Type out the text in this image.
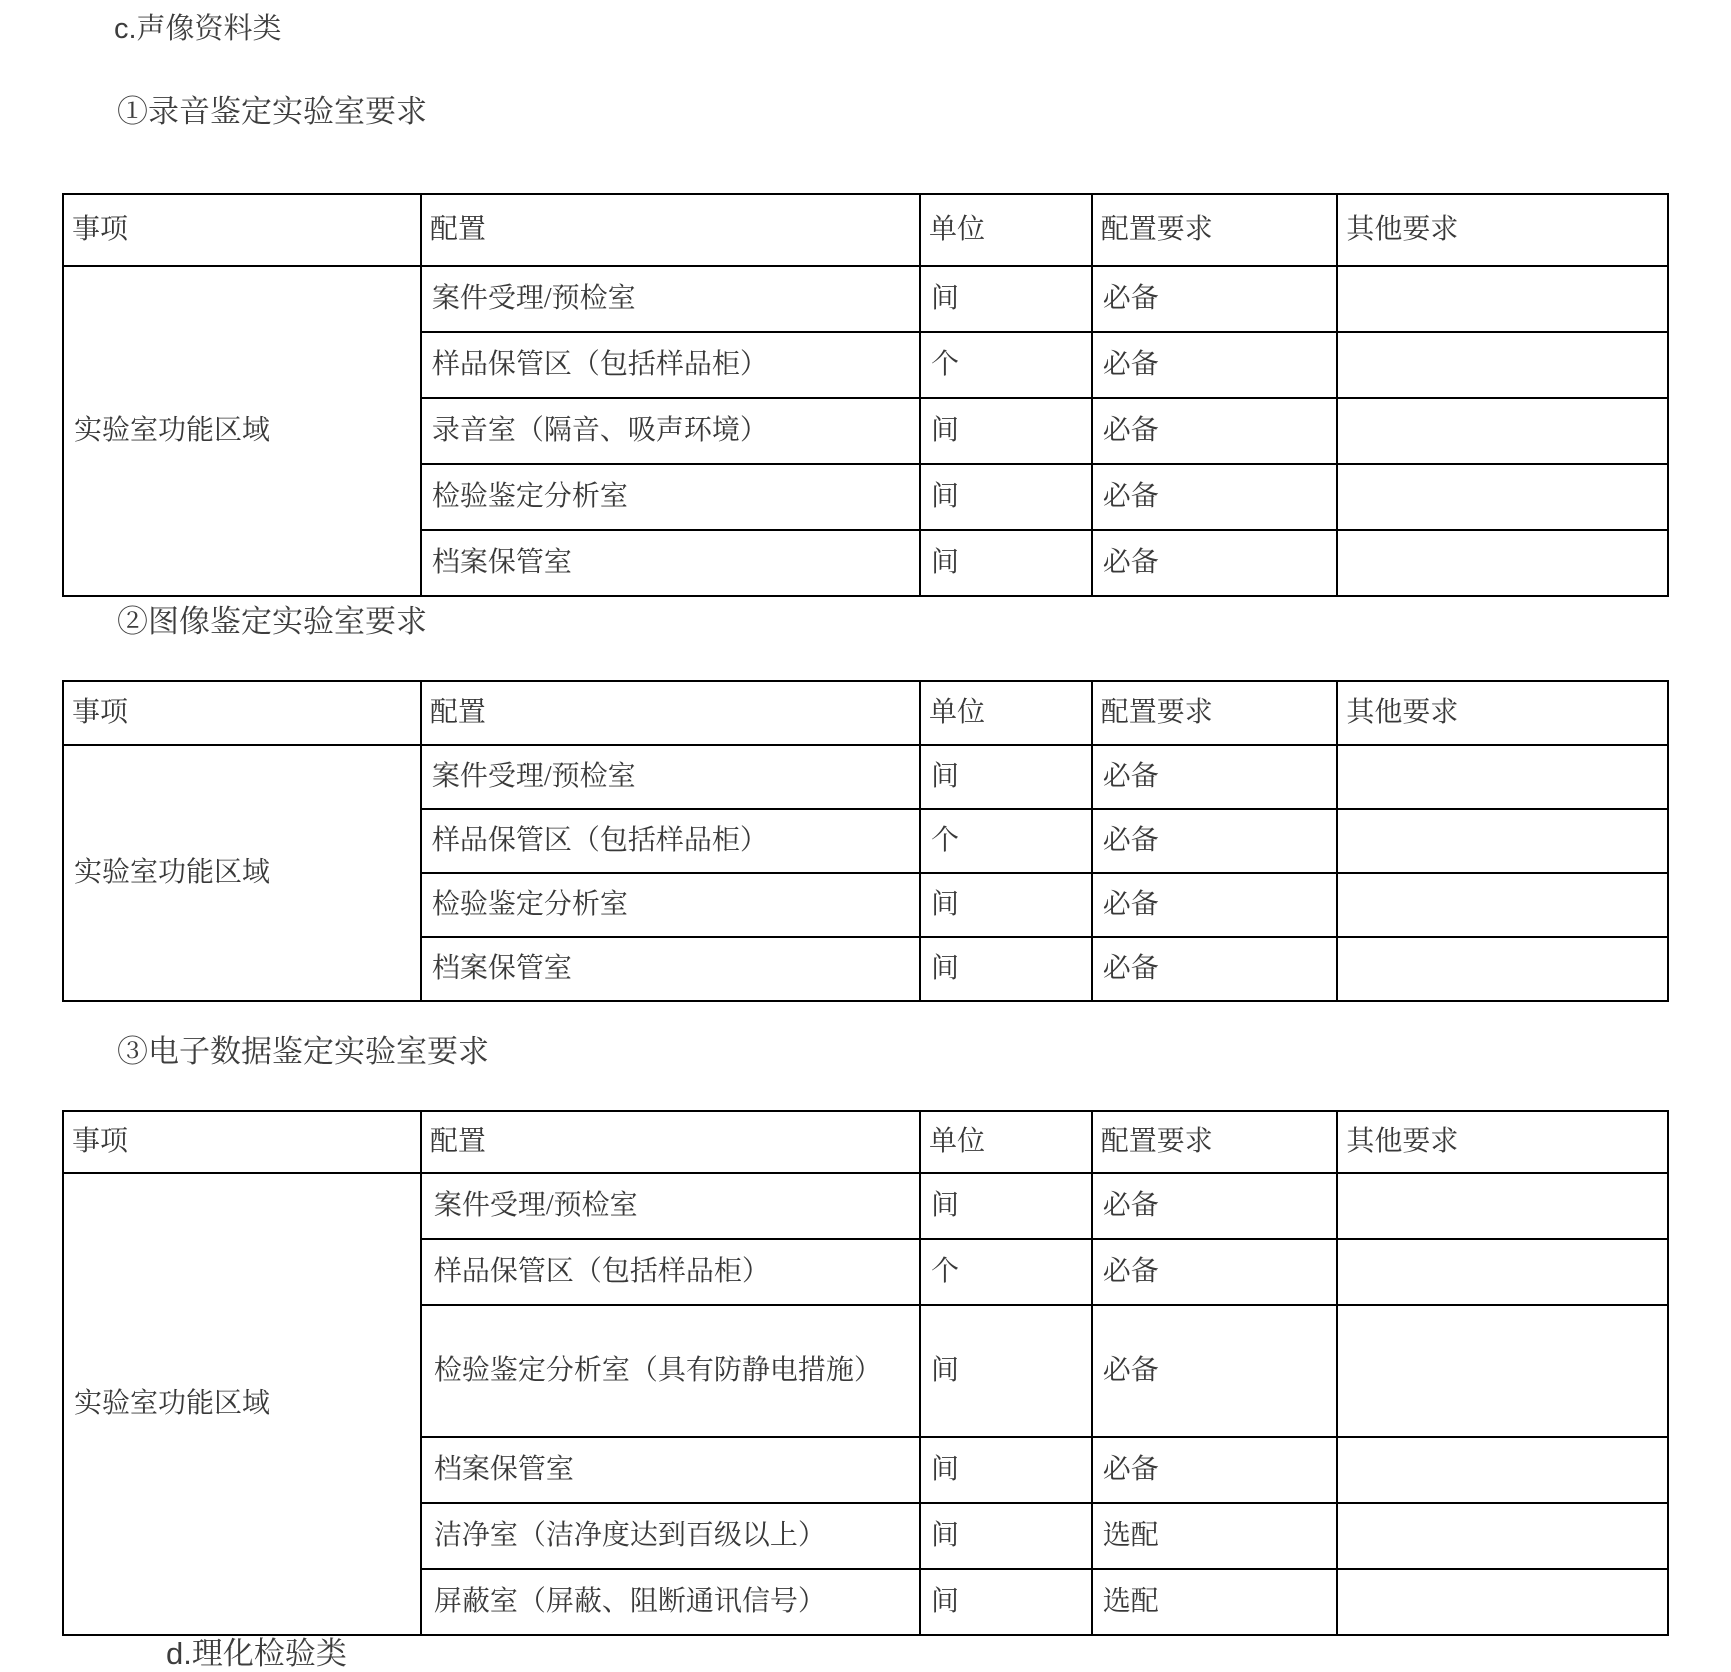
c.声像资料类
①录音鉴定实验室要求
事项	配置	单位	配置要求	其他要求
实验室功能区域	案件受理/预检室	间	必备	
	样品保管区（包括样品柜）	个	必备	
	录音室（隔音、吸声环境）	间	必备	
	检验鉴定分析室	间	必备	
	档案保管室	间	必备	
②图像鉴定实验室要求
事项	配置	单位	配置要求	其他要求
实验室功能区域	案件受理/预检室	间	必备	
	样品保管区（包括样品柜）	个	必备	
	检验鉴定分析室	间	必备	
	档案保管室	间	必备	
③电子数据鉴定实验室要求
事项	配置	单位	配置要求	其他要求
实验室功能区域	案件受理/预检室	间	必备	
	样品保管区（包括样品柜）	个	必备	
	检验鉴定分析室（具有防静电措施）	间	必备	
	档案保管室	间	必备	
	洁净室（洁净度达到百级以上）	间	选配	
	屏蔽室（屏蔽、阻断通讯信号）	间	选配	
d.理化检验类
